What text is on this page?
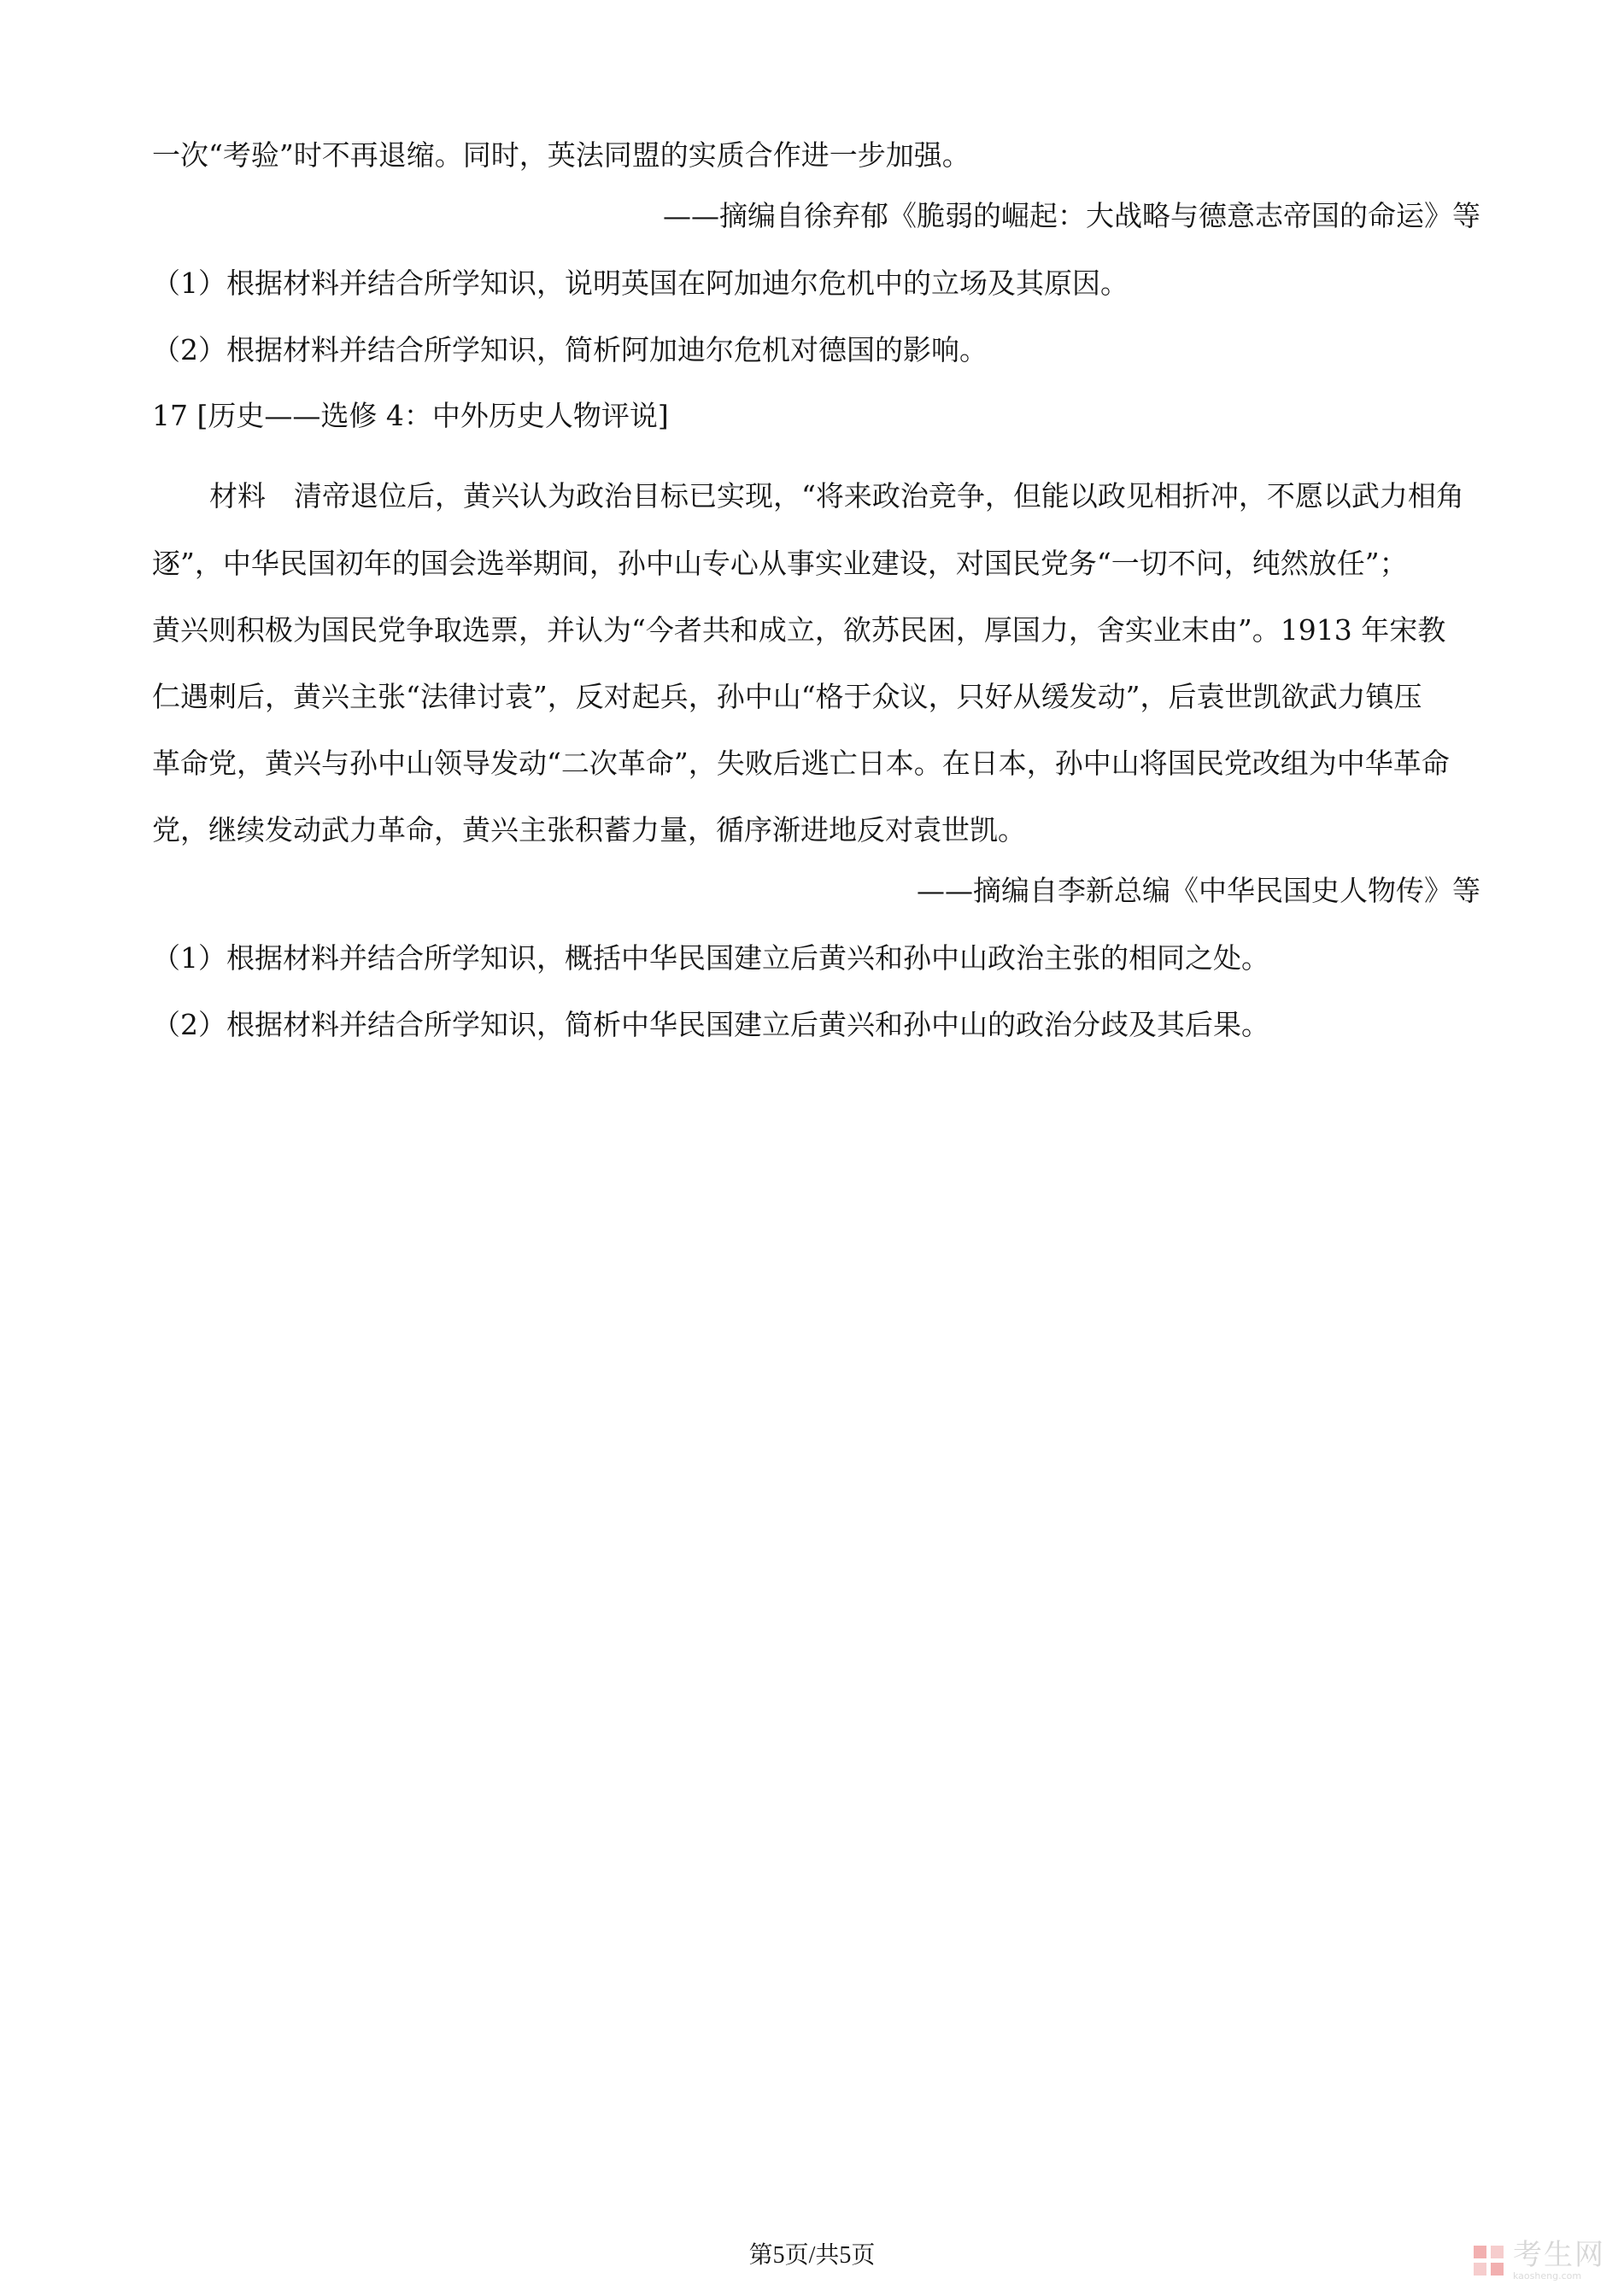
一次“考验”时不再退缩。同时，英法同盟的实质合作进一步加强。
——摘编自徐弃郁《脆弱的崛起：大战略与德意志帝国的命运》等
（1）根据材料并结合所学知识，说明英国在阿加迪尔危机中的立场及其原因。
（2）根据材料并结合所学知识，简析阿加迪尔危机对德国的影响。
17 [历史——选修 4：中外历史人物评说]
材料　清帝退位后，黄兴认为政治目标已实现，“将来政治竞争，但能以政见相折冲，不愿以武力相角
逐”，中华民国初年的国会选举期间，孙中山专心从事实业建设，对国民党务“一切不问，纯然放任”；
黄兴则积极为国民党争取选票，并认为“今者共和成立，欲苏民困，厚国力，舍实业末由”。1913 年宋教
仁遇刺后，黄兴主张“法律讨袁”，反对起兵，孙中山“格于众议，只好从缓发动”，后袁世凯欲武力镇压
革命党，黄兴与孙中山领导发动“二次革命”，失败后逃亡日本。在日本，孙中山将国民党改组为中华革命
党，继续发动武力革命，黄兴主张积蓄力量，循序渐进地反对袁世凯。
——摘编自李新总编《中华民国史人物传》等
（1）根据材料并结合所学知识，概括中华民国建立后黄兴和孙中山政治主张的相同之处。
（2）根据材料并结合所学知识，简析中华民国建立后黄兴和孙中山的政治分歧及其后果。
第5页/共5页	考生网
kaosheng.com
